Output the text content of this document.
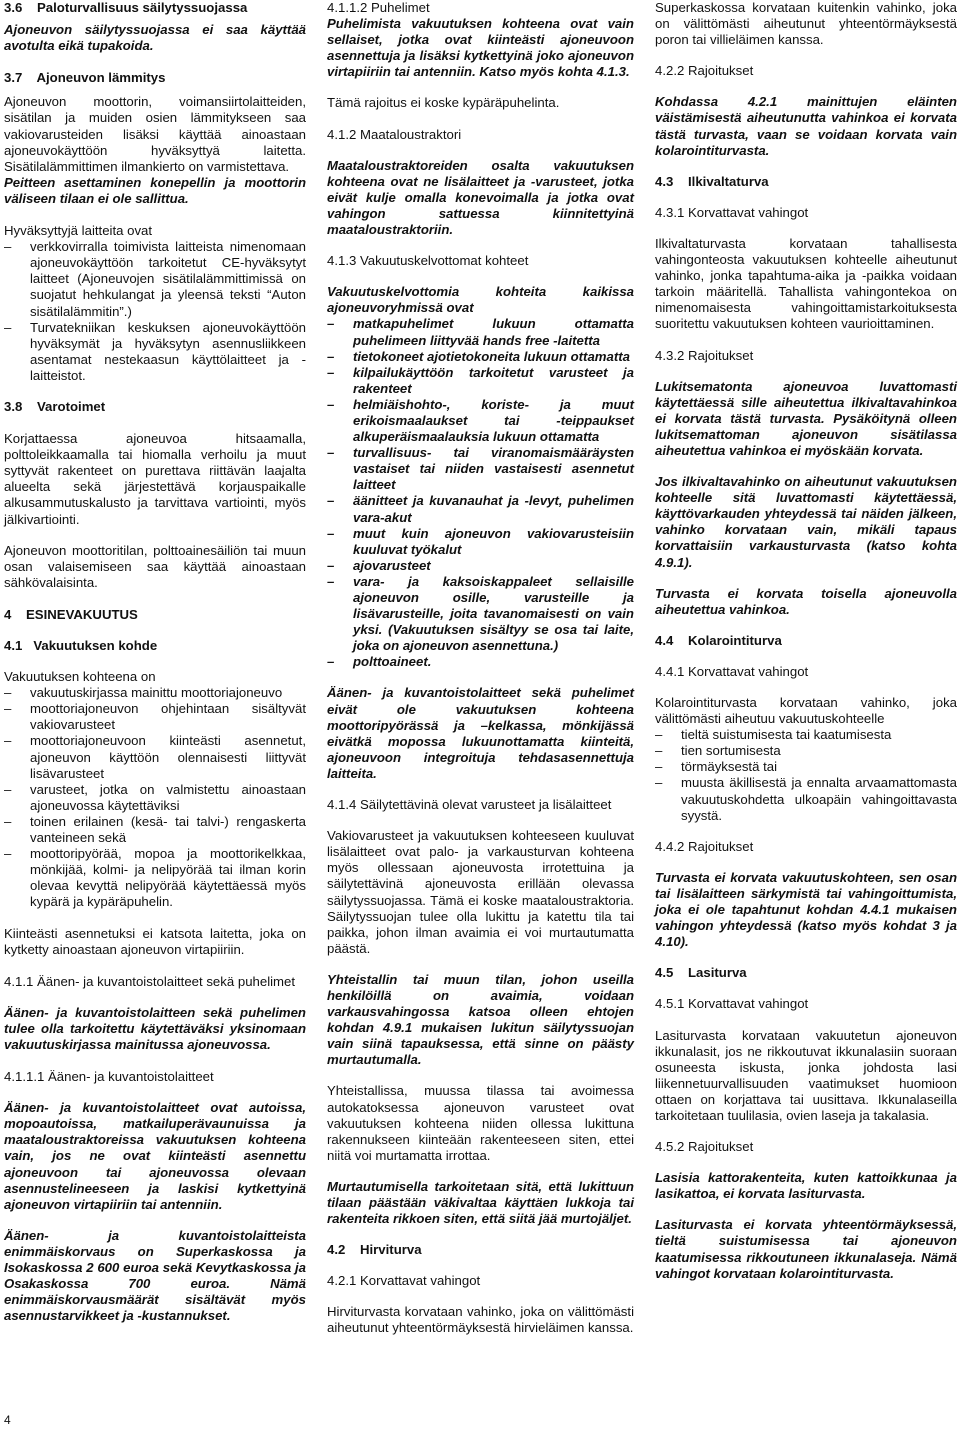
3.6    Paloturvallisuus säilytyssuojassa

Ajoneuvon säilytyssuojassa ei saa käyttää avotulta eikä tupakoida.

3.7    Ajoneuvon lämmitys

Ajoneuvon moottorin, voimansiirtolaitteiden, sisätilan ja muiden osien lämmitykseen saa vakiovarusteiden lisäksi käyttää ainoastaan ajoneuvokäyttöön hyväksyttyä laitetta. Sisätilalämmittimen ilmankierto on varmistettava.

Peitteen asettaminen konepellin ja moottorin väliseen tilaan ei ole sallittua.

Hyväksyttyjä laitteita ovat

– verkkovirralla toimivista laitteista nimenomaan ajoneuvokäyttöön tarkoitetut CE-hyväksytyt laitteet (Ajoneuvojen sisätilalämmittimissä on suojatut hehkulangat ja yleensä teksti “Auton sisätilalämmitin”.)
– Turvatekniikan keskuksen ajoneuvokäyttöön hyväksymät ja hyväksytyn asennusliikkeen asentamat nestekaasun käyttölaitteet ja -laitteistot.
3.8    Varotoimet

Korjattaessa ajoneuvoa hitsaamalla, polttoleikkaamalla tai hiomalla verhoilu ja muut syttyvät rakenteet on purettava riittävän laajalta alueelta sekä järjestettävä korjauspaikalle alkusammutuskalusto ja tarvittava vartiointi, myös jälkivartiointi.

Ajoneuvon moottoritilan, polttoainesäiliön tai muun osan valaisemiseen saa käyttää ainoastaan sähkövalaisinta.

4    ESINEVAKUUTUS
4.1   Vakuutuksen kohde

Vakuutuksen kohteena on

– vakuutuskirjassa mainittu moottoriajoneuvo
– moottoriajoneuvon ohjehintaan sisältyvät vakiovarusteet
– moottoriajoneuvoon kiinteästi asennetut, ajoneuvon käyttöön olennaisesti liittyvät lisävarusteet
– varusteet, jotka on valmistettu ainoastaan ajoneuvossa käytettäviksi
– toinen erilainen (kesä- tai talvi-) rengaskerta vanteineen sekä
– moottoripyörää, mopoa ja moottorikelkkaa, mönkijää, kolmi- ja nelipyörää tai ilman korin olevaa kevyttä nelipyörää käytettäessä myös kypärä ja kypäräpuhelin.

Kiinteästi asennetuksi ei katsota laitetta, joka on kytketty ainoastaan ajoneuvon virtapiiriin.

4.1.1 Äänen- ja kuvantoistolaitteet sekä puhelimet

Äänen- ja kuvantoistolaitteen sekä puhelimen tulee olla tarkoitettu käytettäväksi yksinomaan vakuutuskirjassa mainitussa ajoneuvossa.

4.1.1.1 Äänen- ja kuvantoistolaitteet

Äänen- ja kuvantoistolaitteet ovat autoissa, mopoautoissa, matkailuperävaunuissa ja maataloustraktoreissa vakuutuksen kohteena vain, jos ne ovat kiinteästi asennettu ajoneuvoon tai ajoneuvossa olevaan asennustelineeseen ja laskisi kytkettyinä ajoneuvon virtapiiriin tai antenniin.

Äänen- ja kuvantoistolaitteista enimmäiskorvaus on Superkaskossa ja Isokaskossa 2 600 euroa sekä Kevytkaskossa ja Osakaskossa 700 euroa. Nämä enimmäiskorvausmäärät sisältävät myös asennustarvikkeet ja -kustannukset.

4.1.1.2 Puhelimet

Puhelimista vakuutuksen kohteena ovat vain sellaiset, jotka ovat kiinteästi ajoneuvoon asennettuja ja lisäksi kytkettyinä joko ajoneuvon virtapiiriin tai antenniin. Katso myös kohta 4.1.3.

Tämä rajoitus ei koske kypäräpuhelinta.

4.1.2 Maataloustraktori

Maataloustraktoreiden osalta vakuutuksen kohteena ovat ne lisälaitteet ja -varusteet, jotka eivät kulje omalla konevoimalla ja jotka ovat vahingon sattuessa kiinnitettyinä maataloustraktoriin.

4.1.3 Vakuutuskelvottomat kohteet

Vakuutuskelvottomia kohteita kaikissa ajoneuvoryhmissä ovat

– matkapuhelimet lukuun ottamatta puhelimeen liittyvää hands free -laitetta
– tietokoneet ajotietokoneita lukuun ottamatta
– kilpailukäyttöön tarkoitetut varusteet ja rakenteet
– helmiäishohto-, koriste- ja muut erikoismaalaukset tai -teippaukset alkuperäismaalauksia lukuun ottamatta
– turvallisuus- tai viranomaismääräysten vastaiset tai niiden vastaisesti asennetut laitteet
– äänitteet ja kuvanauhat ja -levyt, puhelimen vara-akut
– muut kuin ajoneuvon vakiovarusteisiin kuuluvat työkalut
– ajovarusteet
– vara- ja kaksoiskappaleet sellaisille ajoneuvon osille, varusteille ja lisävarusteille, joita tavanomaisesti on vain yksi. (Vakuutuksen sisältyy se osa tai laite, joka on ajoneuvon asennettuna.)
– polttoaineet.

Äänen- ja kuvantoistolaitteet sekä puhelimet eivät ole vakuutuksen kohteena moottoripyörässä ja –kelkassa, mönkijässä eivätkä mopossa lukuunottamatta kiinteitä, ajoneuvoon integroituja tehdasasennettuja laitteita.

4.1.4 Säilytettävinä olevat varusteet ja lisälaitteet

Vakiovarusteet ja vakuutuksen kohteeseen kuuluvat lisälaitteet ovat palo- ja varkausturvan kohteena myös ollessaan ajoneuvosta irrotettuina ja säilytettävinä ajoneuvosta erillään olevassa säilytyssuojassa. Tämä ei koske maataloustraktoria. Säilytyssuojan tulee olla lukittu ja katettu tila tai paikka, johon ilman avaimia ei voi murtautumatta päästä.

Yhteistallin tai muun tilan, johon useilla henkilöillä on avaimia, voidaan varkausvahingossa katsoa olleen ehtojen kohdan 4.9.1 mukaisen lukitun säilytyssuojan vain siinä tapauksessa, että sinne on päästy murtautumalla.

Yhteistallissa, muussa tilassa tai avoimessa autokatoksessa ajoneuvon varusteet ovat vakuutuksen kohteena niiden ollessa lukittuna rakennukseen kiinteään rakenteeseen siten, ettei niitä voi murtamatta irrottaa.

Murtautumisella tarkoitetaan sitä, että lukittuun tilaan päästään väkivaltaa käyttäen lukkoja tai rakenteita rikkoen siten, että siitä jää murtojäljet.

4.2    Hirviturva

4.2.1 Korvattavat vahingot

Hirviturvasta korvataan vahinko, joka on välittömästi aiheutunut yhteentörmäyksestä hirvieläimen kanssa.

Superkaskossa korvataan kuitenkin vahinko, joka on välittömästi aiheutunut yhteentörmäyksestä poron tai villieläimen kanssa.

4.2.2 Rajoitukset

Kohdassa 4.2.1 mainittujen eläinten väistämisestä aiheutunutta vahinkoa ei korvata tästä turvasta, vaan se voidaan korvata vain kolarointiturvasta.

4.3    Ilkivaltaturva

4.3.1 Korvattavat vahingot

Ilkivaltaturvasta korvataan tahallisesta vahingonteosta vakuutuksen kohteelle aiheutunut vahinko, jonka tapahtuma-aika ja -paikka voidaan tarkoin määritellä. Tahallista vahingontekoa on nimenomaisesta vahingoittamistarkoituksesta suoritettu vakuutuksen kohteen vaurioittaminen.

4.3.2 Rajoitukset

Lukitsematonta ajoneuvoa luvattomasti käytettäessä sille aiheutettua ilkivaltavahinkoa ei korvata tästä turvasta. Pysäköitynä olleen lukitsemattoman ajoneuvon sisätilassa aiheutettua vahinkoa ei myöskään korvata.

Jos ilkivaltavahinko on aiheutunut vakuutuksen kohteelle sitä luvattomasti käytettäessä, käyttövarkauden yhteydessä tai näiden jälkeen, vahinko korvataan vain, mikäli tapaus korvattaisiin varkausturvasta (katso kohta 4.9.1).

Turvasta ei korvata toisella ajoneuvolla aiheutettua vahinkoa.

4.4    Kolarointiturva

4.4.1 Korvattavat vahingot

Kolarointiturvasta korvataan vahinko, joka välittömästi aiheutuu vakuutuskohteelle

– tieltä suistumisesta tai kaatumisesta
– tien sortumisesta
– törmäyksestä tai
– muusta äkillisestä ja ennalta arvaamattomasta vakuutuskohdetta ulkoapäin vahingoittavasta syystä.

4.4.2 Rajoitukset

Turvasta ei korvata vakuutuskohteen, sen osan tai lisälaitteen särkymistä tai vahingoittumista, joka ei ole tapahtunut kohdan 4.4.1 mukaisen vahingon yhteydessä (katso myös kohdat 3 ja 4.10).

4.5    Lasiturva

4.5.1 Korvattavat vahingot

Lasiturvasta korvataan vakuutetun ajoneuvon ikkunalasit, jos ne rikkoutuvat ikkunalasiin suoraan osuneesta iskusta, jonka johdosta lasi liikennetuurvallisuuden vaatimukset huomioon ottaen on korjattava tai uusittava. Ikkunalaseilla tarkoitetaan tuulilasia, ovien laseja ja takalasia.

4.5.2 Rajoitukset

Lasisia kattorakenteita, kuten kattoikkunaa ja lasikattoa, ei korvata lasiturvasta.

Lasiturvasta ei korvata yhteentörmäyksessä, tieltä suistumisessa tai ajoneuvon kaatumisessa rikkoutuneen ikkunalaseja. Nämä vahingot korvataan kolarointiturvasta.

4
